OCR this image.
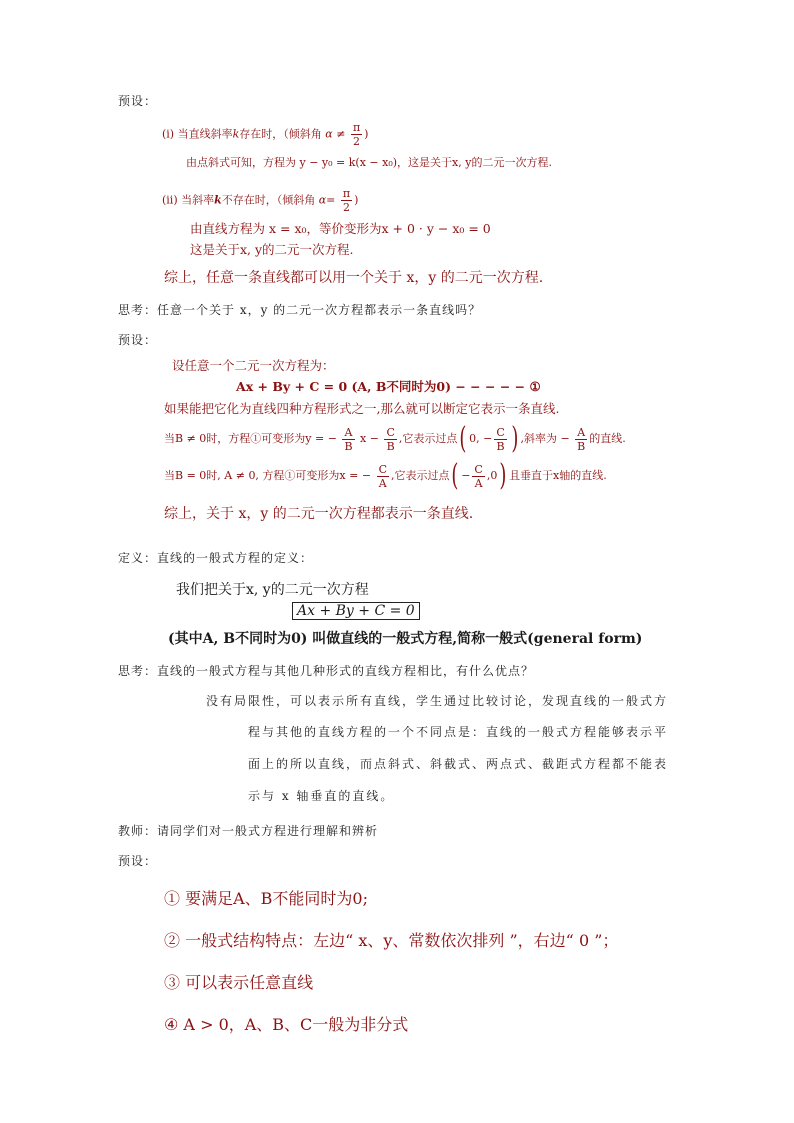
预设：
(i) 当直线斜率k存在时，（倾斜角 $\alpha \ne \frac{\pi}{2}$ )
由点斜式可知，方程为 y − y₀ = k(x − x₀)，这是关于x, y的二元一次方程.
(ii) 当斜率k不存在时，（倾斜角 $\alpha= \frac{\pi}{2}$ )
由直线方程为 x = x₀，等价变形为x + 0 · y − x₀ = 0
这是关于x, y的二元一次方程.
综上，任意一条直线都可以用一个关于 x，y 的二元一次方程.
思考：任意一个关于 x，y 的二元一次方程都表示一条直线吗？
预设：
设任意一个二元一次方程为：
Ax + By + C = 0 (A, B不同时为0) − − − − − ①
如果能把它化为直线四种方程形式之一,那么就可以断定它表示一条直线.
当B ≠ 0时，方程①可变形为y = − $\frac{A}{B}$ $x - \frac{C}{B}$ ,它表示过点( 0, − $\frac{C}{B}$ ) ,斜率为 − $\frac{A}{B}$ 的直线.
当B = 0时, A ≠ 0, 方程①可变形为x = − $\frac{C}{A}$ ,它表示过点( − $\frac{C}{A} ,0$) 且垂直于x轴的直线.
综上，关于 x，y 的二元一次方程都表示一条直线.
定义：直线的一般式方程的定义：
我们把关于x, y的二元一次方程
Ax + By + C = 0
(其中A, B不同时为0) 叫做直线的一般式方程,简称一般式(general form)
思考：直线的一般式方程与其他几种形式的直线方程相比，有什么优点？
没有局限性，可以表示所有直线，学生通过比较讨论，发现直线的一般式方
程与其他的直线方程的一个不同点是：直线的一般式方程能够表示平
面上的所以直线，而点斜式、斜截式、两点式、截距式方程都不能表
示与 x 轴垂直的直线。
教师：请同学们对一般式方程进行理解和辨析
预设：
① 要满足A、B不能同时为0;
② 一般式结构特点：左边“ x、y、常数依次排列 ”，右边“ 0 ”；
③ 可以表示任意直线
④ A > 0，A、B、C一般为非分式
